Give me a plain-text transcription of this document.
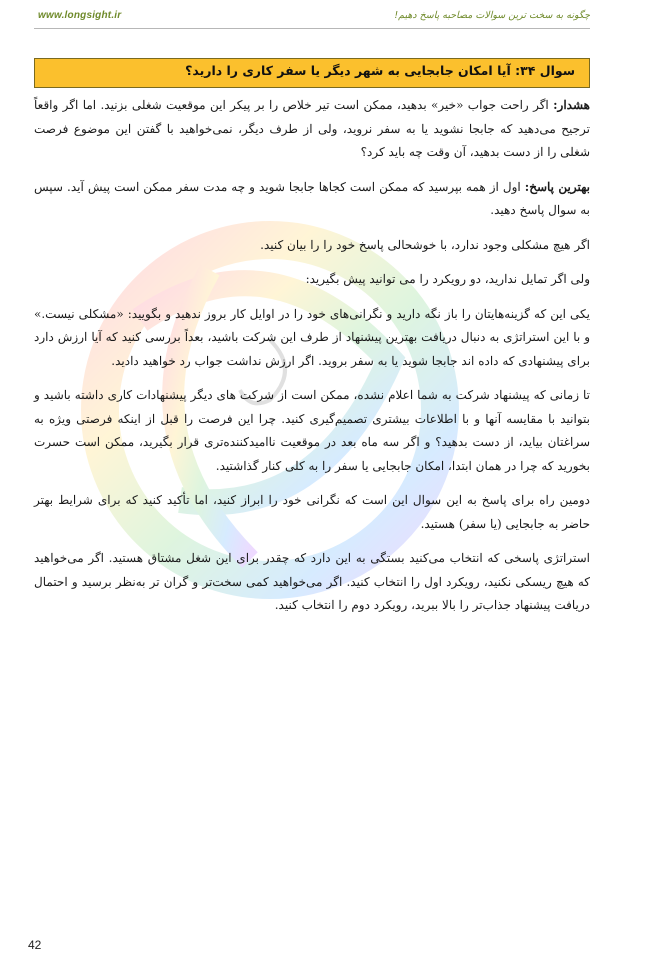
www.longsight.ir	چگونه به سخت ترین سوالات مصاحبه پاسخ دهیم!
سوال ۳۴: آیا امکان جابجایی به شهر دیگر یا سفر کاری را دارید؟

هشدار: اگر راحت جواب «خیر» بدهید، ممکن است تیر خلاص را بر پیکر این موقعیت شغلی بزنید. اما اگر واقعاً ترجیح می‌دهید که جابجا نشوید یا به سفر نروید، ولی از طرف دیگر، نمی‌خواهید با گفتن این موضوع فرصت شغلی را از دست بدهید، آن وقت چه باید کرد؟

بهترین پاسخ: اول از همه بپرسید که ممکن است کجاها جابجا شوید و چه مدت سفر ممکن است پیش آید. سپس به سوال پاسخ دهید.

اگر هیچ مشکلی وجود ندارد، با خوشحالی پاسخ خود را را بیان کنید.

ولی اگر تمایل ندارید، دو رویکرد را می توانید پیش بگیرید:

یکی این که گزینه‌هایتان را باز نگه دارید و نگرانی‌های خود را در اوایل کار بروز ندهید و بگویید: «مشکلی نیست.» و با این استراتژی به دنبال دریافت بهترین پیشنهاد از طرف این شرکت باشید، بعداً بررسی کنید که آیا ارزش دارد برای پیشنهادی که داده اند جابجا شوید یا به سفر بروید. اگر ارزش نداشت جواب رد خواهید دادید.

تا زمانی که پیشنهاد شرکت به شما اعلام نشده، ممکن است از شرکت های دیگر پیشنهادات کاری داشته باشید و بتوانید با مقایسه آنها و با اطلاعات بیشتری تصمیم‌گیری کنید. چرا این فرصت را قبل از اینکه فرصتی ویژه به سراغتان بیاید، از دست بدهید؟ و اگر سه ماه بعد در موقعیت ناامیدکننده‌تری قرار بگیرید، ممکن است حسرت بخورید که چرا در همان ابتدا، امکان جابجایی یا سفر را به کلی کنار گذاشتید.

دومین راه برای پاسخ به این سوال این است که نگرانی خود را ابراز کنید، اما تأکید کنید که برای شرایط بهتر حاضر به جابجایی (یا سفر) هستید.

استراتژی پاسخی که انتخاب می‌کنید بستگی به این دارد که چقدر برای این شغل مشتاق هستید. اگر می‌خواهید که هیچ ریسکی نکنید، رویکرد اول را انتخاب کنید. اگر می‌خواهید کمی سخت‌تر و گران تر به‌نظر برسید و احتمال دریافت پیشنهاد جذاب‌تر را بالا ببرید، رویکرد دوم را انتخاب کنید.

42
